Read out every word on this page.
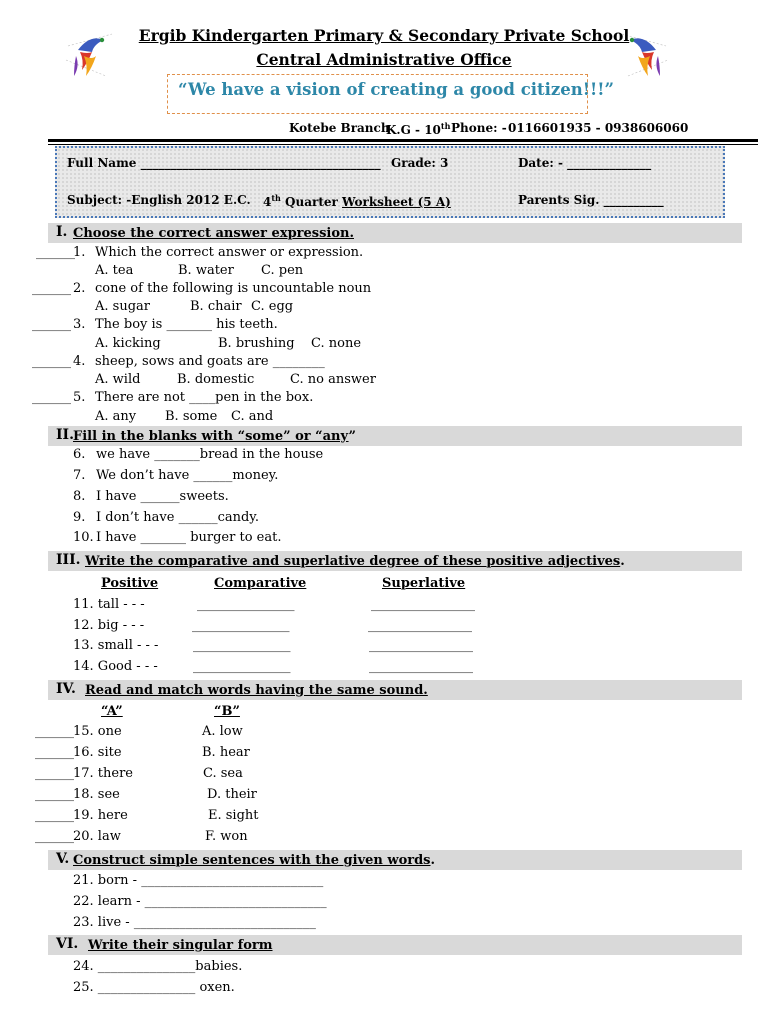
Ergib Kindergarten Primary & Secondary Private School
Central Administrative Office
“We have a vision of creating a good citizen!!!”
Kotebe Branch
K.G - 10th Phone: - 0116601935 - 0938606060
Full Name ________________________________________ Grade: 3	Date: - ______________
Subject: -English 2012 E.C. 4th Quarter Worksheet (5 A)	Parents Sig. __________
I. Choose the correct answer expression.
______
1. Which the correct answer or expression.
A. tea	B. water C. pen
______ 2. cone of the following is uncountable noun
A. sugar	B. chair C. egg
______ 3. The boy is _______ his teeth.
A. kicking	B. brushing C. none
______ 4. sheep, sows and goats are ________
A. wild	B. domestic	C. no answer
______ 5. There are not ____pen in the box.
A. any B. some C. and
II. Fill in the blanks with “some” or “any”
6. we have _______bread in the house
7. We don’t have ______money.
8. I have ______sweets.
9. I don’t have ______candy.
10. I have _______ burger to eat.
III. Write the comparative and superlative degree of these positive adjectives.
Positive	Comparative	Superlative
11. tall - - -	_______________	________________
12. big - - -	_______________	________________
13. small - - -	_______________	________________
14. Good - - -	_______________	________________
IV. Read and match words having the same sound.
“A”	“B”
______ 15. one	A. low
______ 16. site	B. hear
______ 17. there	C. sea
______ 18. see	D. their
______ 19. here	E. sight
______ 20. law	F. won
V. Construct simple sentences with the given words.
21. born - ____________________________
22. learn - ____________________________
23. live - ____________________________
VI. Write their singular form
24. _______________babies.
25. _______________ oxen.
